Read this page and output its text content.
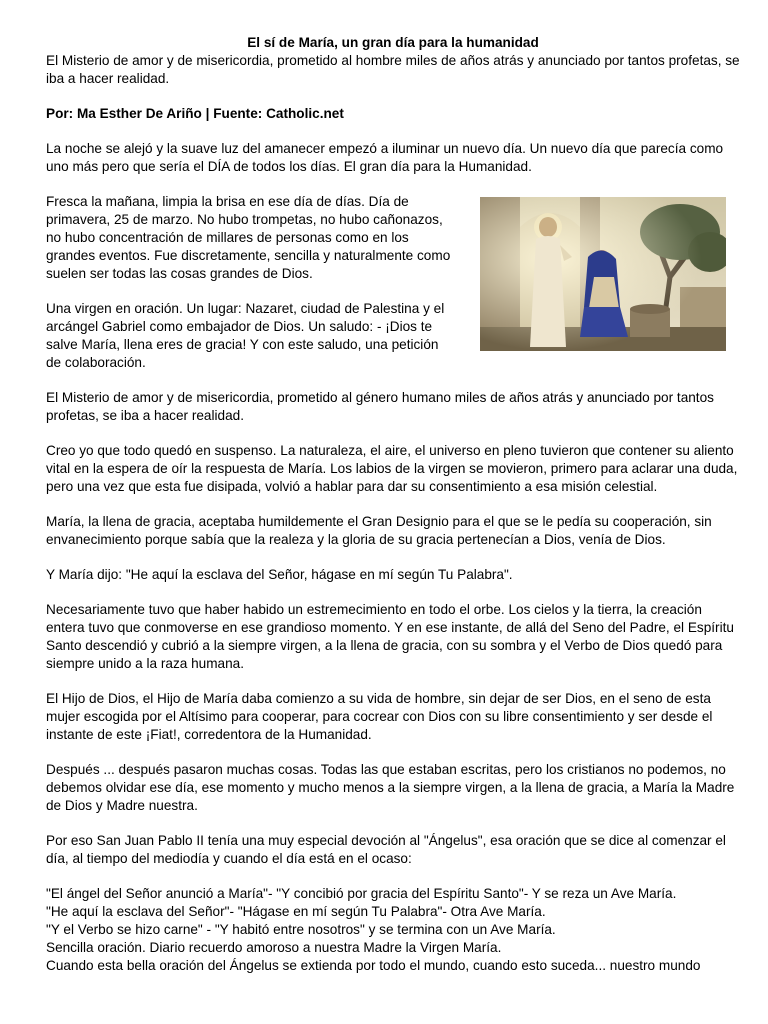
El sí de María, un gran día para la humanidad

El Misterio de amor y de misericordia, prometido al hombre miles de años atrás y anunciado por tantos profetas, se iba a hacer realidad.

Por: Ma Esther De Ariño | Fuente: Catholic.net

La noche se alejó y la suave luz del amanecer empezó a iluminar un nuevo día. Un nuevo día que parecía como uno más pero que sería el DÍA de todos los días. El gran día para la Humanidad.

Fresca la mañana, limpia la brisa en ese día de días. Día de primavera, 25 de marzo. No hubo trompetas, no hubo cañonazos, no hubo concentración de millares de personas como en los grandes eventos. Fue discretamente, sencilla y naturalmente como suelen ser todas las cosas grandes de Dios.

Una virgen en oración. Un lugar: Nazaret, ciudad de Palestina y el arcángel Gabriel como embajador de Dios. Un saludo: - ¡Dios te salve María, llena eres de gracia! Y con este saludo, una petición de colaboración.

El Misterio de amor y de misericordia, prometido al género humano miles de años atrás y anunciado por tantos profetas, se iba a hacer realidad.

Creo yo que todo quedó en suspenso. La naturaleza, el aire, el universo en pleno tuvieron que contener su aliento vital en la espera de oír la respuesta de María. Los labios de la virgen se movieron, primero para aclarar una duda, pero una vez que esta fue disipada, volvió a hablar para dar su consentimiento a esa misión celestial.

María, la llena de gracia, aceptaba humildemente el Gran Designio para el que se le pedía su cooperación, sin envanecimiento porque sabía que la realeza y la gloria de su gracia pertenecían a Dios, venía de Dios.

Y María dijo: "He aquí la esclava del Señor, hágase en mí según Tu Palabra".

Necesariamente tuvo que haber habido un estremecimiento en todo el orbe. Los cielos y la tierra, la creación entera tuvo que conmoverse en ese grandioso momento. Y en ese instante, de allá del Seno del Padre, el Espíritu Santo descendió y cubrió a la siempre virgen, a la llena de gracia, con su sombra y el Verbo de Dios quedó para siempre unido a la raza humana.

El Hijo de Dios, el Hijo de María daba comienzo a su vida de hombre, sin dejar de ser Dios, en el seno de esta mujer escogida por el Altísimo para cooperar, para cocrear con Dios con su libre consentimiento y ser desde el instante de este ¡Fiat!, corredentora de la Humanidad.

Después ... después pasaron muchas cosas. Todas las que estaban escritas, pero los cristianos no podemos, no debemos olvidar ese día, ese momento y mucho menos a la siempre virgen, a la llena de gracia, a María la Madre de Dios y Madre nuestra.

Por eso San Juan Pablo II tenía una muy especial devoción al "Ángelus", esa oración que se dice al comenzar el día, al tiempo del mediodía y cuando el día está en el ocaso:

"El ángel del Señor anunció a María"- "Y concibió por gracia del Espíritu Santo"- Y se reza un Ave María.

"He aquí la esclava del Señor"- "Hágase en mí según Tu Palabra"- Otra Ave María.

"Y el Verbo se hizo carne" - "Y habitó entre nosotros" y se termina con un Ave María.

Sencilla oración. Diario recuerdo amoroso a nuestra Madre la Virgen María.

Cuando esta bella oración del Ángelus se extienda por todo el mundo, cuando esto suceda... nuestro mundo
